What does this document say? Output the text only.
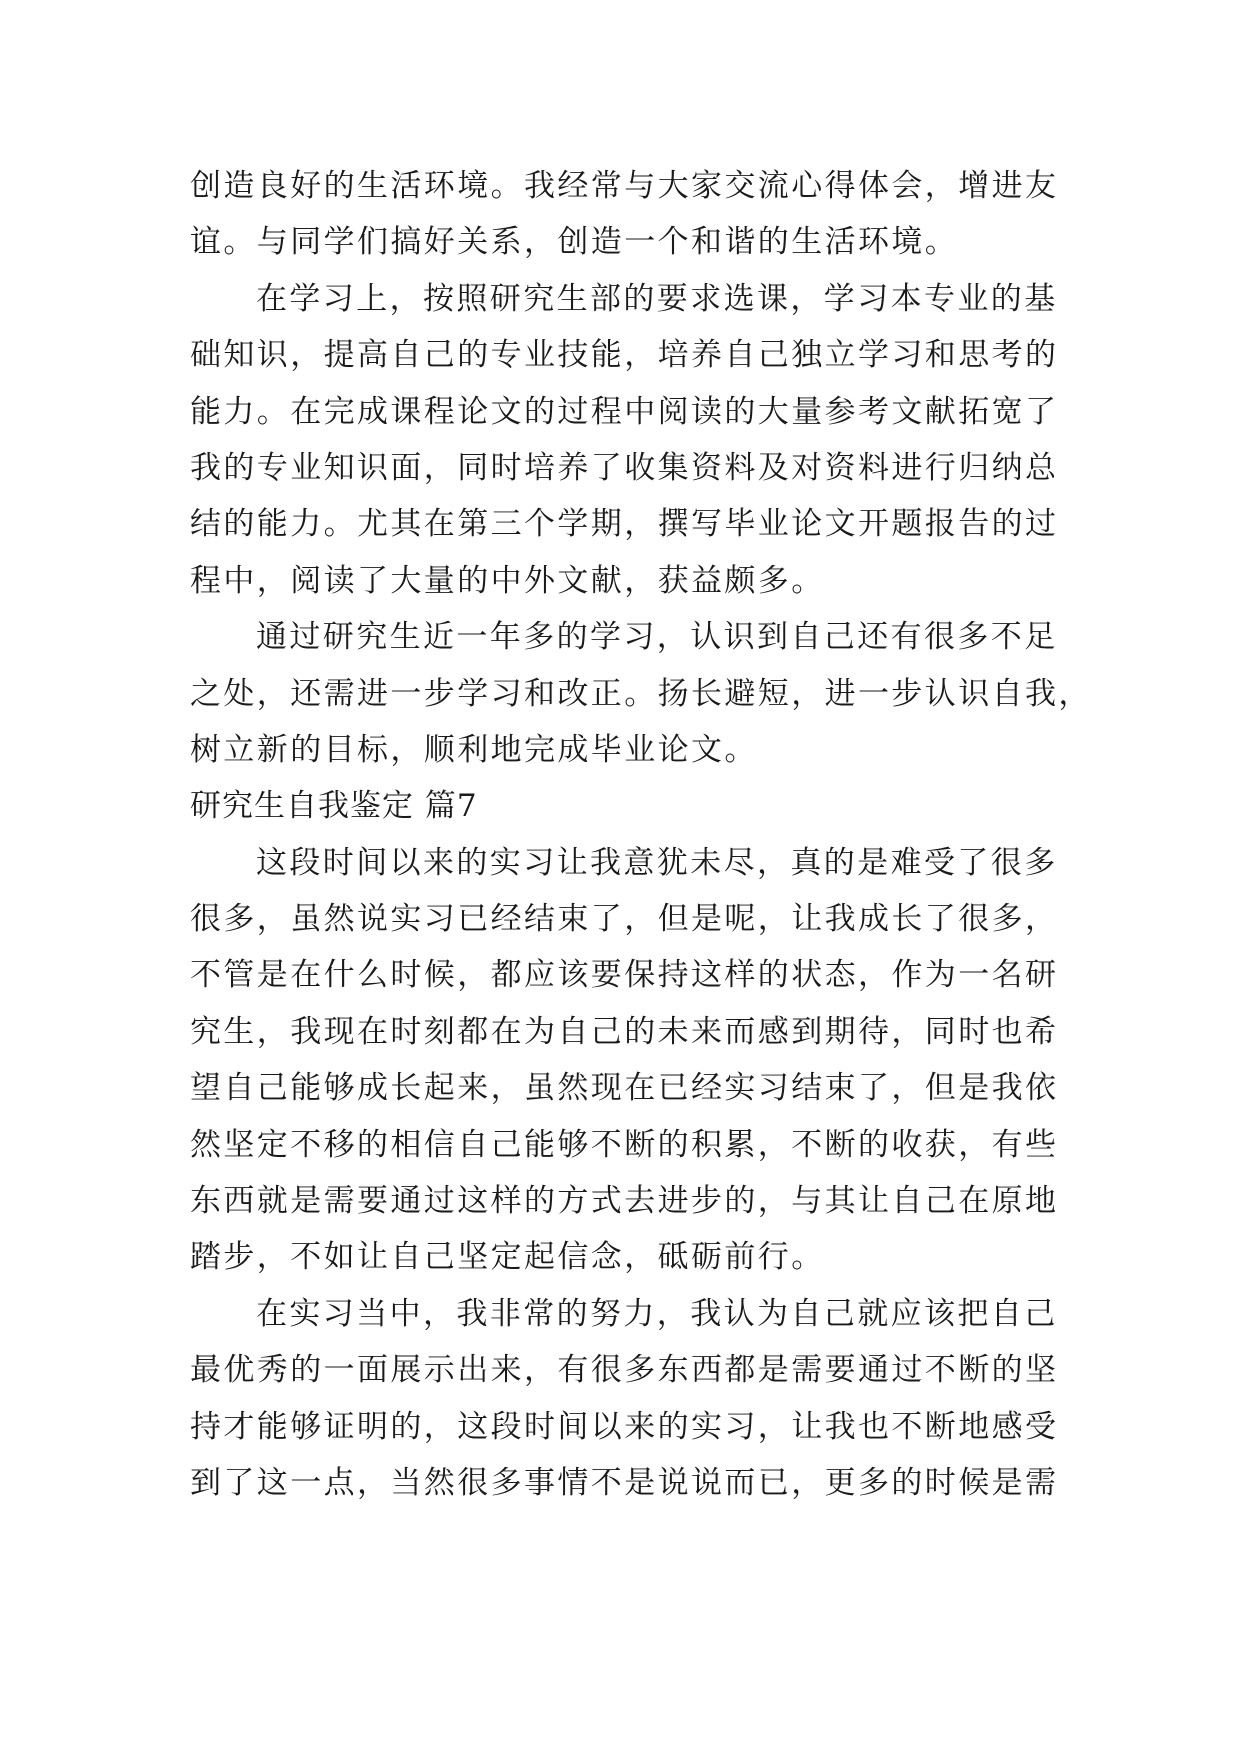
创造良好的生活环境。我经常与大家交流心得体会，增进友
谊。与同学们搞好关系，创造一个和谐的生活环境。
在学习上，按照研究生部的要求选课，学习本专业的基
础知识，提高自己的专业技能，培养自己独立学习和思考的
能力。在完成课程论文的过程中阅读的大量参考文献拓宽了
我的专业知识面，同时培养了收集资料及对资料进行归纳总
结的能力。尤其在第三个学期，撰写毕业论文开题报告的过
程中，阅读了大量的中外文献，获益颇多。
通过研究生近一年多的学习，认识到自己还有很多不足
之处，还需进一步学习和改正。扬长避短，进一步认识自我，
树立新的目标，顺利地完成毕业论文。
研究生自我鉴定 篇7
这段时间以来的实习让我意犹未尽，真的是难受了很多
很多，虽然说实习已经结束了，但是呢，让我成长了很多，
不管是在什么时候，都应该要保持这样的状态，作为一名研
究生，我现在时刻都在为自己的未来而感到期待，同时也希
望自己能够成长起来，虽然现在已经实习结束了，但是我依
然坚定不移的相信自己能够不断的积累，不断的收获，有些
东西就是需要通过这样的方式去进步的，与其让自己在原地
踏步，不如让自己坚定起信念，砥砺前行。
在实习当中，我非常的努力，我认为自己就应该把自己
最优秀的一面展示出来，有很多东西都是需要通过不断的坚
持才能够证明的，这段时间以来的实习，让我也不断地感受
到了这一点，当然很多事情不是说说而已，更多的时候是需
